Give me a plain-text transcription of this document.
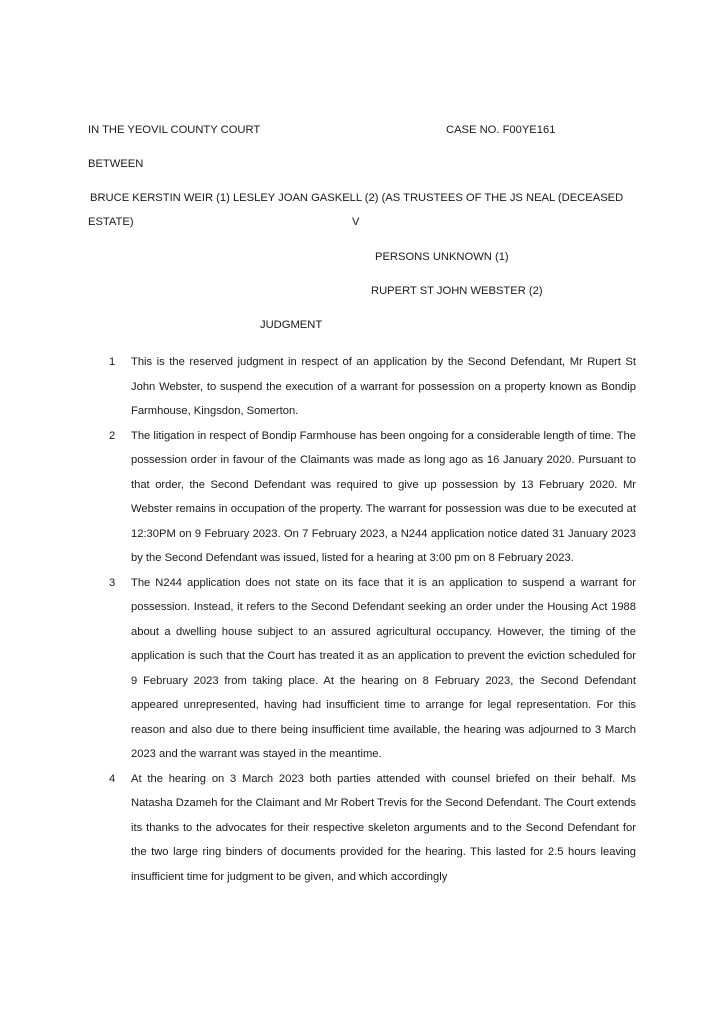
IN THE YEOVIL COUNTY COURT	CASE NO. F00YE161
BETWEEN
BRUCE KERSTIN WEIR (1) LESLEY JOAN GASKELL (2) (AS TRUSTEES OF THE JS NEAL (DECEASED
ESTATE)	V
PERSONS UNKNOWN (1)
RUPERT ST JOHN WEBSTER (2)
JUDGMENT
1 This is the reserved judgment in respect of an application by the Second Defendant, Mr Rupert St John Webster, to suspend the execution of a warrant for possession on a property known as Bondip Farmhouse, Kingsdon, Somerton.
2 The litigation in respect of Bondip Farmhouse has been ongoing for a considerable length of time. The possession order in favour of the Claimants was made as long ago as 16 January 2020. Pursuant to that order, the Second Defendant was required to give up possession by 13 February 2020. Mr Webster remains in occupation of the property. The warrant for possession was due to be executed at 12:30PM on 9 February 2023. On 7 February 2023, a N244 application notice dated 31 January 2023 by the Second Defendant was issued, listed for a hearing at 3:00 pm on 8 February 2023.
3 The N244 application does not state on its face that it is an application to suspend a warrant for possession. Instead, it refers to the Second Defendant seeking an order under the Housing Act 1988 about a dwelling house subject to an assured agricultural occupancy. However, the timing of the application is such that the Court has treated it as an application to prevent the eviction scheduled for 9 February 2023 from taking place. At the hearing on 8 February 2023, the Second Defendant appeared unrepresented, having had insufficient time to arrange for legal representation. For this reason and also due to there being insufficient time available, the hearing was adjourned to 3 March 2023 and the warrant was stayed in the meantime.
4 At the hearing on 3 March 2023 both parties attended with counsel briefed on their behalf. Ms Natasha Dzameh for the Claimant and Mr Robert Trevis for the Second Defendant. The Court extends its thanks to the advocates for their respective skeleton arguments and to the Second Defendant for the two large ring binders of documents provided for the hearing. This lasted for 2.5 hours leaving insufficient time for judgment to be given, and which accordingly
